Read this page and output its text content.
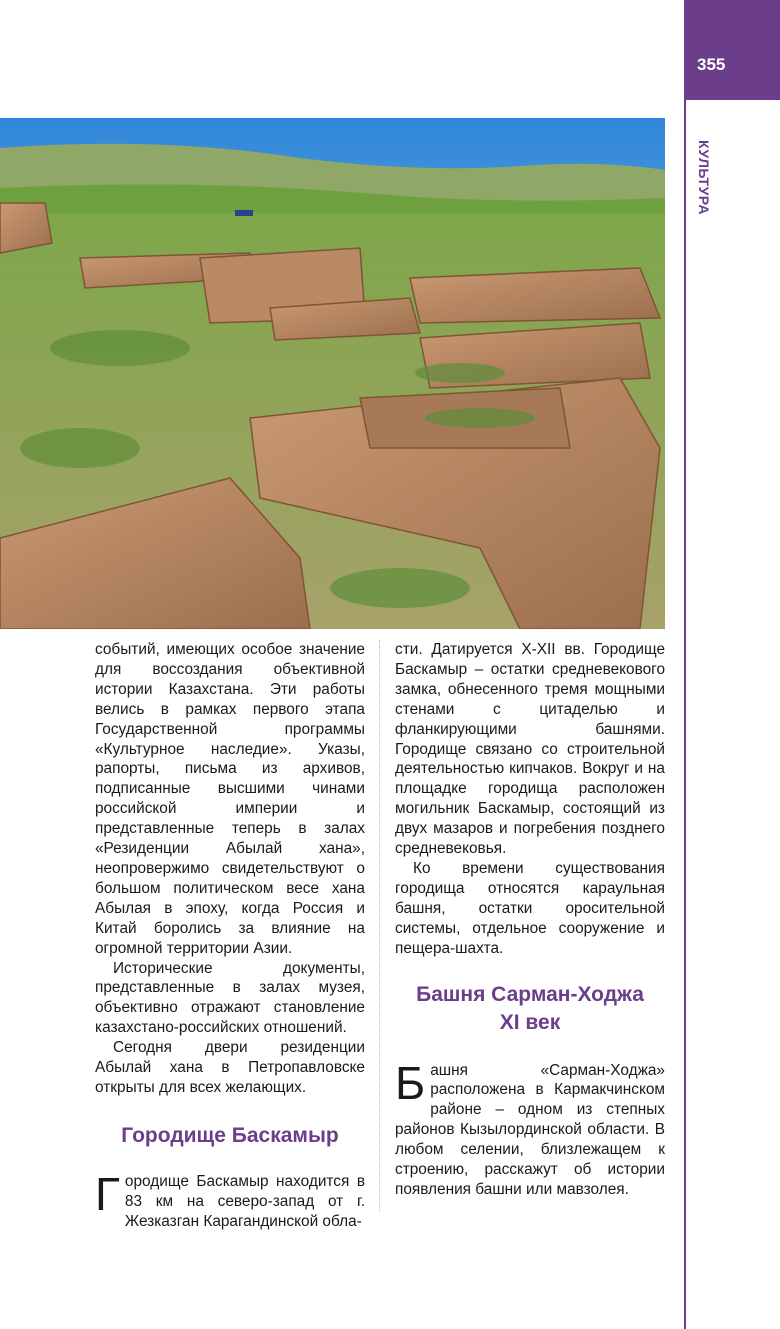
355
КУЛЬТУРА

событий, имеющих особое значение для воссоздания объективной истории Казахстана. Эти работы велись в рамках первого этапа Государственной программы «Культурное наследие». Указы, рапорты, письма из архивов, подписанные высшими чинами российской империи и представленные теперь в залах «Резиденции Абылай хана», неопровержимо свидетельствуют о большом политическом весе хана Абылая в эпоху, когда Россия и Китай боролись за влияние на огромной территории Азии.

Исторические документы, представленные в залах музея, объективно отражают становление казахстано-российских отношений.

Сегодня двери резиденции Абылай хана в Петропавловске открыты для всех желающих.

Городище Баскамыр

Городище Баскамыр находится в 83 км на северо-запад от г. Жезказган Карагандинской обла-

сти. Датируется X-XII вв. Городище Баскамыр – остатки средневекового замка, обнесенного тремя мощными стенами с цитаделью и фланкирующими башнями. Городище связано со строительной деятельностью кипчаков. Вокруг и на площадке городища расположен могильник Баскамыр, состоящий из двух мазаров и погребения позднего средневековья.

Ко времени существования городища относятся караульная башня, остатки оросительной системы, отдельное сооружение и пещера-шахта.

Башня Сарман-Ходжа
XI век

Башня «Сарман-Ходжа» расположена в Кармакчинском районе – одном из степных районов Кызылординской области. В любом селении, близлежащем к строению, расскажут об истории появления башни или мавзолея.
